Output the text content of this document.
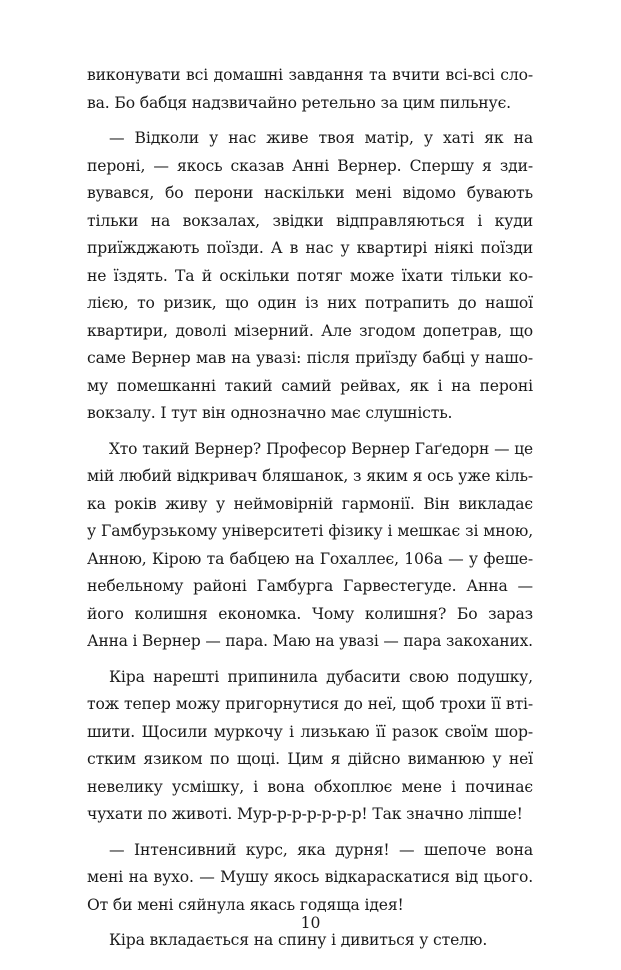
виконувати всі домашні завдання та вчити всі-всі сло-
ва. Бо бабця надзвичайно ретельно за цим пильнує.
— Відколи у нас живе твоя матір, у хаті як на
пероні, — якось сказав Анні Вернер. Спершу я зди-
вувався, бо перони наскільки мені відомо бувають
тільки на вокзалах, звідки відправляються і куди
приїжджають поїзди. А в нас у квартирі ніякі поїзди
не їздять. Та й оскільки потяг може їхати тільки ко-
лією, то ризик, що один із них потрапить до нашої
квартири, доволі мізерний. Але згодом допетрав, що
саме Вернер мав на увазі: після приїзду бабці у нашо-
му помешканні такий самий рейвах, як і на пероні
вокзалу. І тут він однозначно має слушність.
Хто такий Вернер? Професор Вернер Гаґедорн — це
мій любий відкривач бляшанок, з яким я ось уже кіль-
ка років живу у неймовірній гармонії. Він викладає
у Гамбурзькому університеті фізику і мешкає зі мною,
Анною, Кірою та бабцею на Гохаллеє, 106а — у феше-
небельному районі Гамбурга Гарвестегуде. Анна —
його колишня економка. Чому колишня? Бо зараз
Анна і Вернер — пара. Маю на увазі — пара закоханих.
Кіра нарешті припинила дубасити свою подушку,
тож тепер можу пригорнутися до неї, щоб трохи її вті-
шити. Щосили муркочу і лизькаю її разок своїм шор-
стким язиком по щоці. Цим я дійсно виманюю у неї
невелику усмішку, і вона обхоплює мене і починає
чухати по животі. Мур-р-р-р-р-р-р! Так значно ліпше!
— Інтенсивний курс, яка дурня! — шепоче вона
мені на вухо. — Мушу якось відкараскатися від цього.
От би мені сяйнула якась годяща ідея!
Кіра вкладається на спину і дивиться у стелю.
10
